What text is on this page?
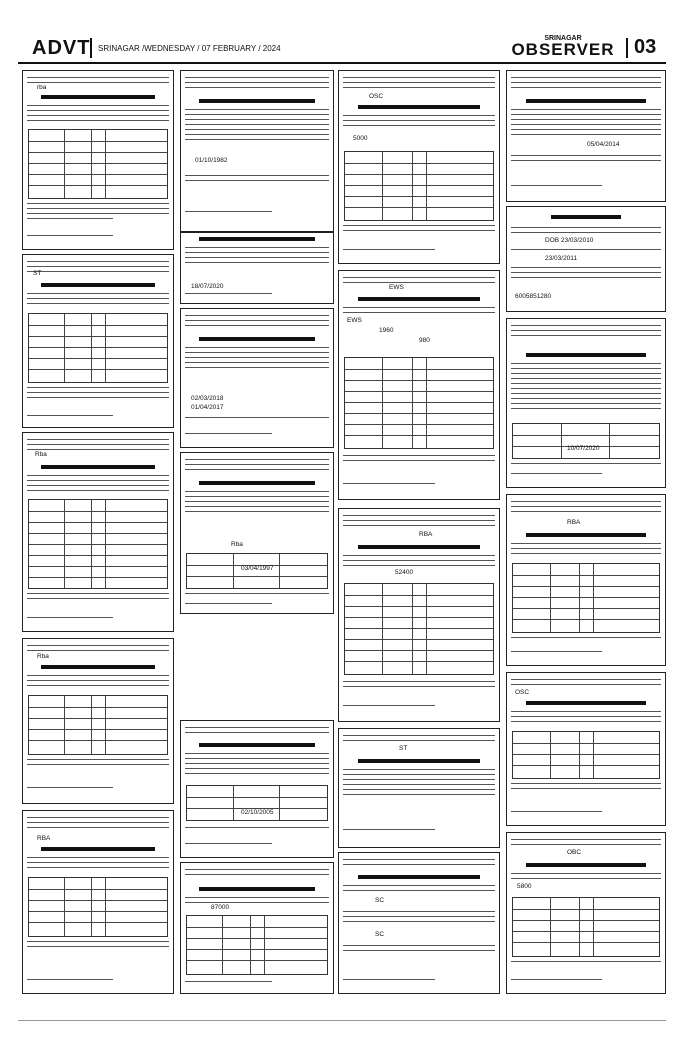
ADVT SRINAGAR /WEDNESDAY / 07 FEBRUARY / 2024
SRINAGAR
OBSERVER 03
rba
ST
Rba
Rba
RBA
01/10/1982
18/07/2020
02/03/2018
01/04/2017
Rba
03/04/1997
02/10/2005
87000
OSC
5000
EWS
EWS
1960
980
RBA
52400
ST
SC
SC
05/04/2014
DOB 23/03/2010
23/03/2011
6005851280
10/07/2020
RBA
OSC
OBC
5800
